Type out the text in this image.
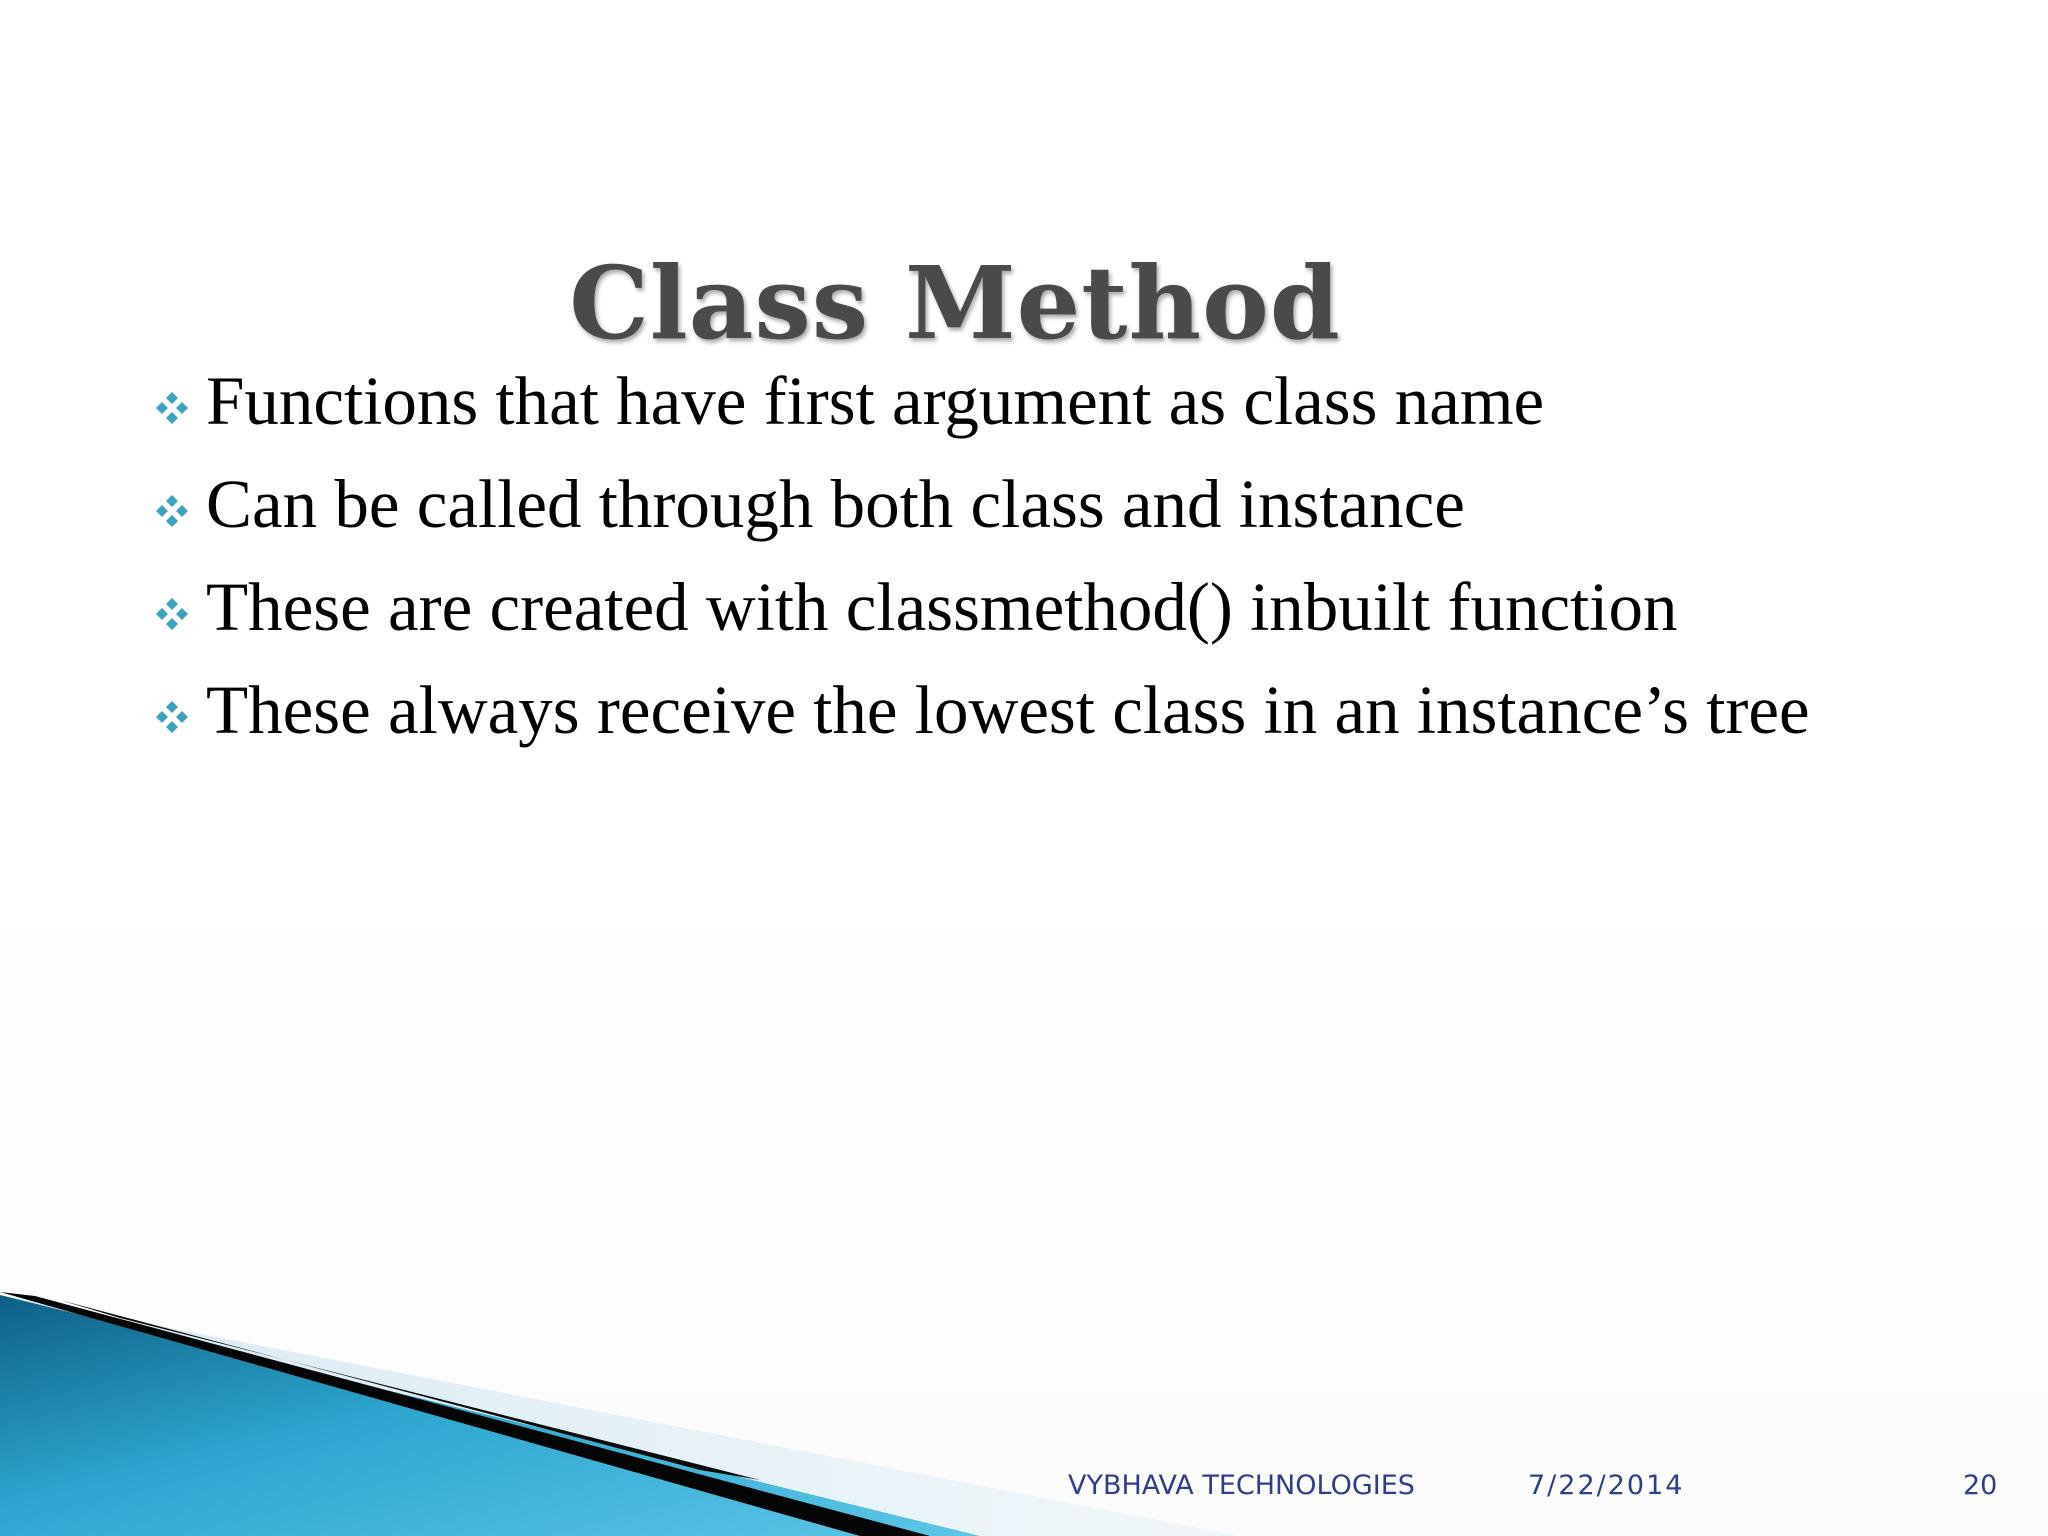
Class Method
Functions that have first argument as class name
Can be called through both class and instance
These are created with classmethod() inbuilt function
These always receive the lowest class in an instance’s tree
VYBHAVA TECHNOLOGIES	7/22/2014	20
